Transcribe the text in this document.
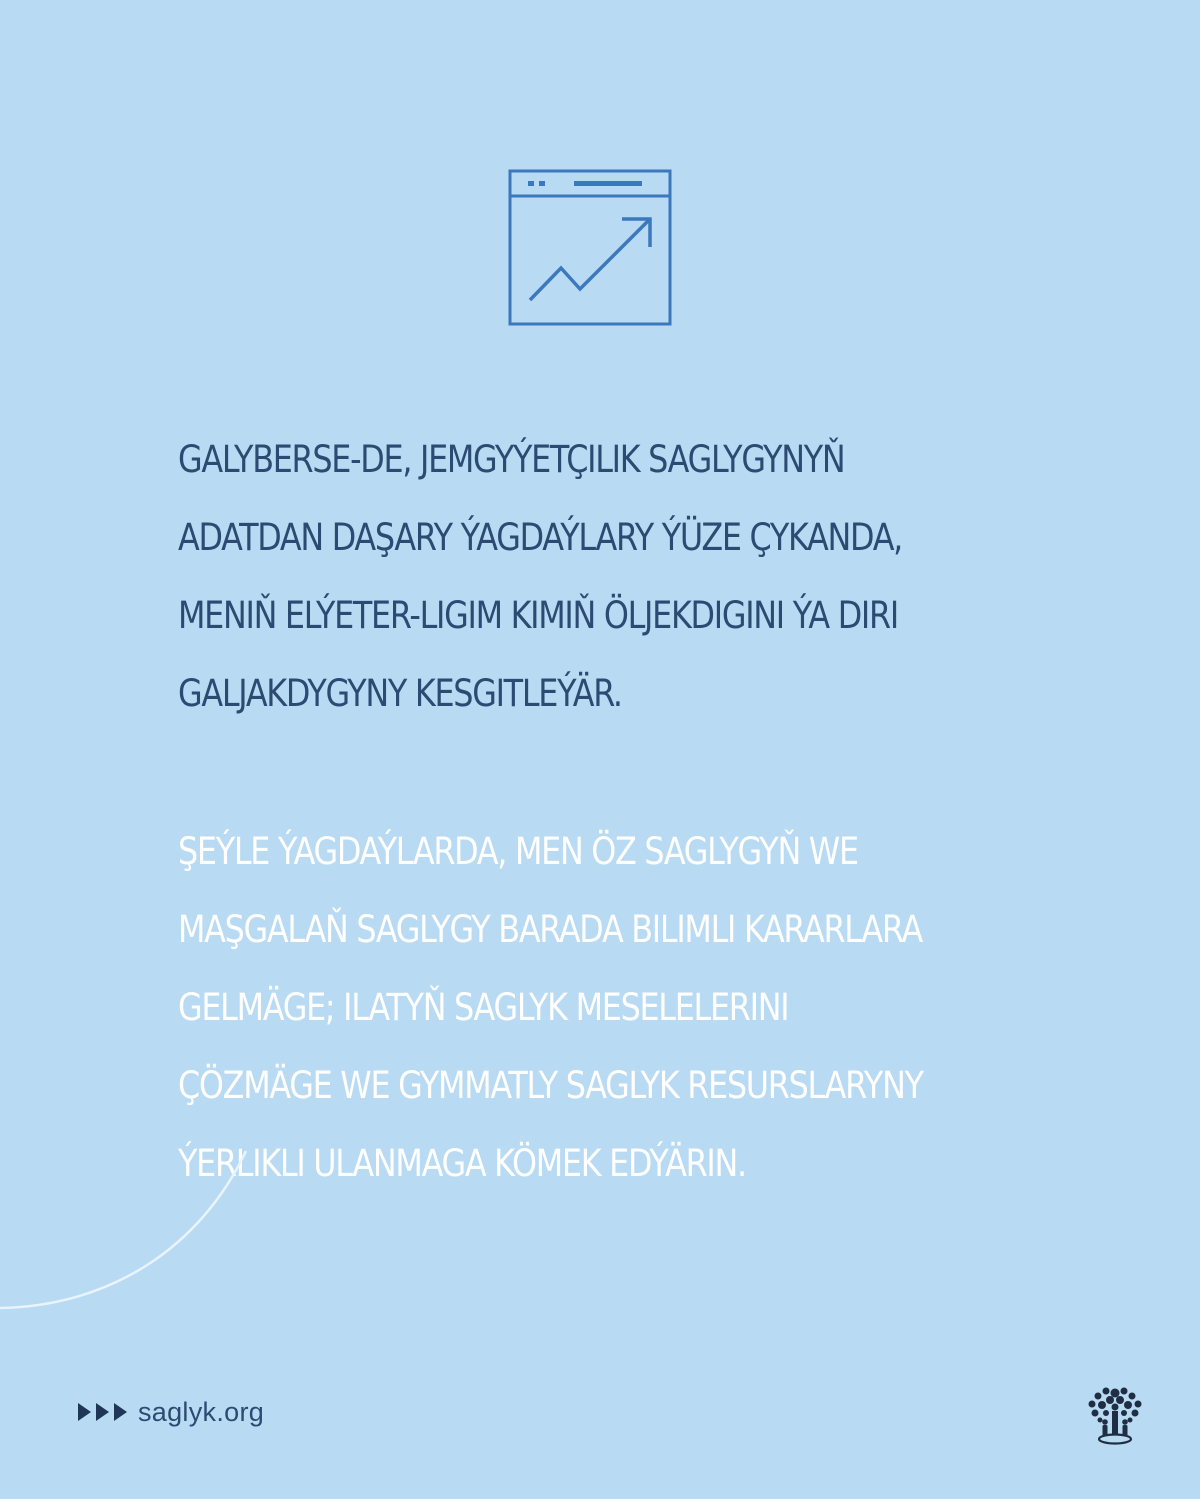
GALYBERSE-DE, JEMGYÝETÇILIK SAGLYGYNYŇ ADATDAN DAŞARY ÝAGDAÝLARY ÝÜZE ÇYKANDA, MENIŇ ELÝETER-LIGIM KIMIŇ ÖLJEKDIGINI ÝA DIRI GALJAKDYGYNY KESGITLEÝÄR.

ŞEÝLE ÝAGDAÝLARDA, MEN ÖZ SAGLYGYŇ WE MAŞGALAŇ SAGLYGY BARADA BILIMLI KARARLARA GELMÄGE; ILATYŇ SAGLYK MESELELERINI ÇÖZMÄGE WE GYMMATLY SAGLYK RESURSLARYNY ÝERLIKLI ULANMAGA KÖMEK EDÝÄRIN.

saglyk.org
